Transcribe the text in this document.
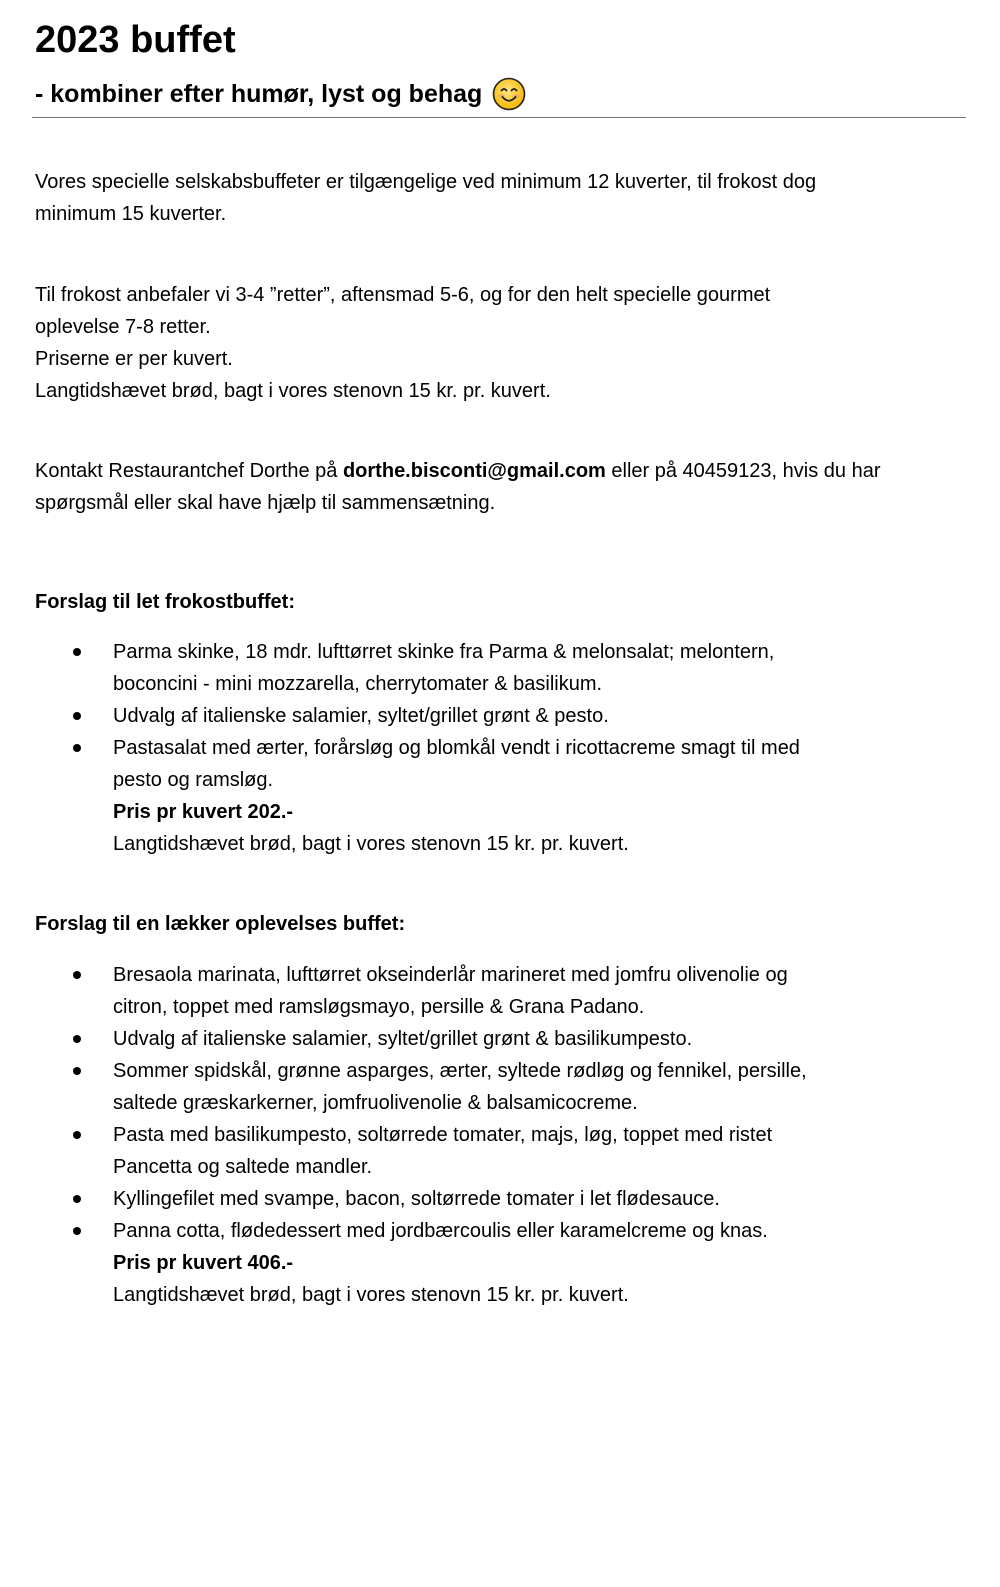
2023 buffet
- kombiner efter humør, lyst og behag

Vores specielle selskabsbuffeter er tilgængelige ved minimum 12 kuverter, til frokost dog
minimum 15 kuverter.

Til frokost anbefaler vi 3-4 ”retter”, aftensmad 5-6, og for den helt specielle gourmet
oplevelse 7-8 retter.
Priserne er per kuvert.
Langtidshævet brød, bagt i vores stenovn 15 kr. pr. kuvert.

Kontakt Restaurantchef Dorthe på dorthe.bisconti@gmail.com eller på 40459123, hvis du har
spørgsmål eller skal have hjælp til sammensætning.

Forslag til let frokostbuffet:
Parma skinke, 18 mdr. lufttørret skinke fra Parma & melonsalat; melontern,
boconcini - mini mozzarella, cherrytomater & basilikum.
Udvalg af italienske salamier, syltet/grillet grønt & pesto.
Pastasalat med ærter, forårsløg og blomkål vendt i ricottacreme smagt til med
pesto og ramsløg.
Pris pr kuvert 202.-
Langtidshævet brød, bagt i vores stenovn 15 kr. pr. kuvert.
Forslag til en lækker oplevelses buffet:
Bresaola marinata, lufttørret okseinderlår marineret med jomfru olivenolie og
citron, toppet med ramsløgsmayo, persille & Grana Padano.
Udvalg af italienske salamier, syltet/grillet grønt & basilikumpesto.
Sommer spidskål, grønne asparges, ærter, syltede rødløg og fennikel, persille,
saltede græskarkerner, jomfruolivenolie & balsamicocreme.
Pasta med basilikumpesto, soltørrede tomater, majs, løg, toppet med ristet
Pancetta og saltede mandler.
Kyllingefilet med svampe, bacon, soltørrede tomater i let flødesauce.
Panna cotta, flødedessert med jordbærcoulis eller karamelcreme og knas.
Pris pr kuvert 406.-
Langtidshævet brød, bagt i vores stenovn 15 kr. pr. kuvert.
